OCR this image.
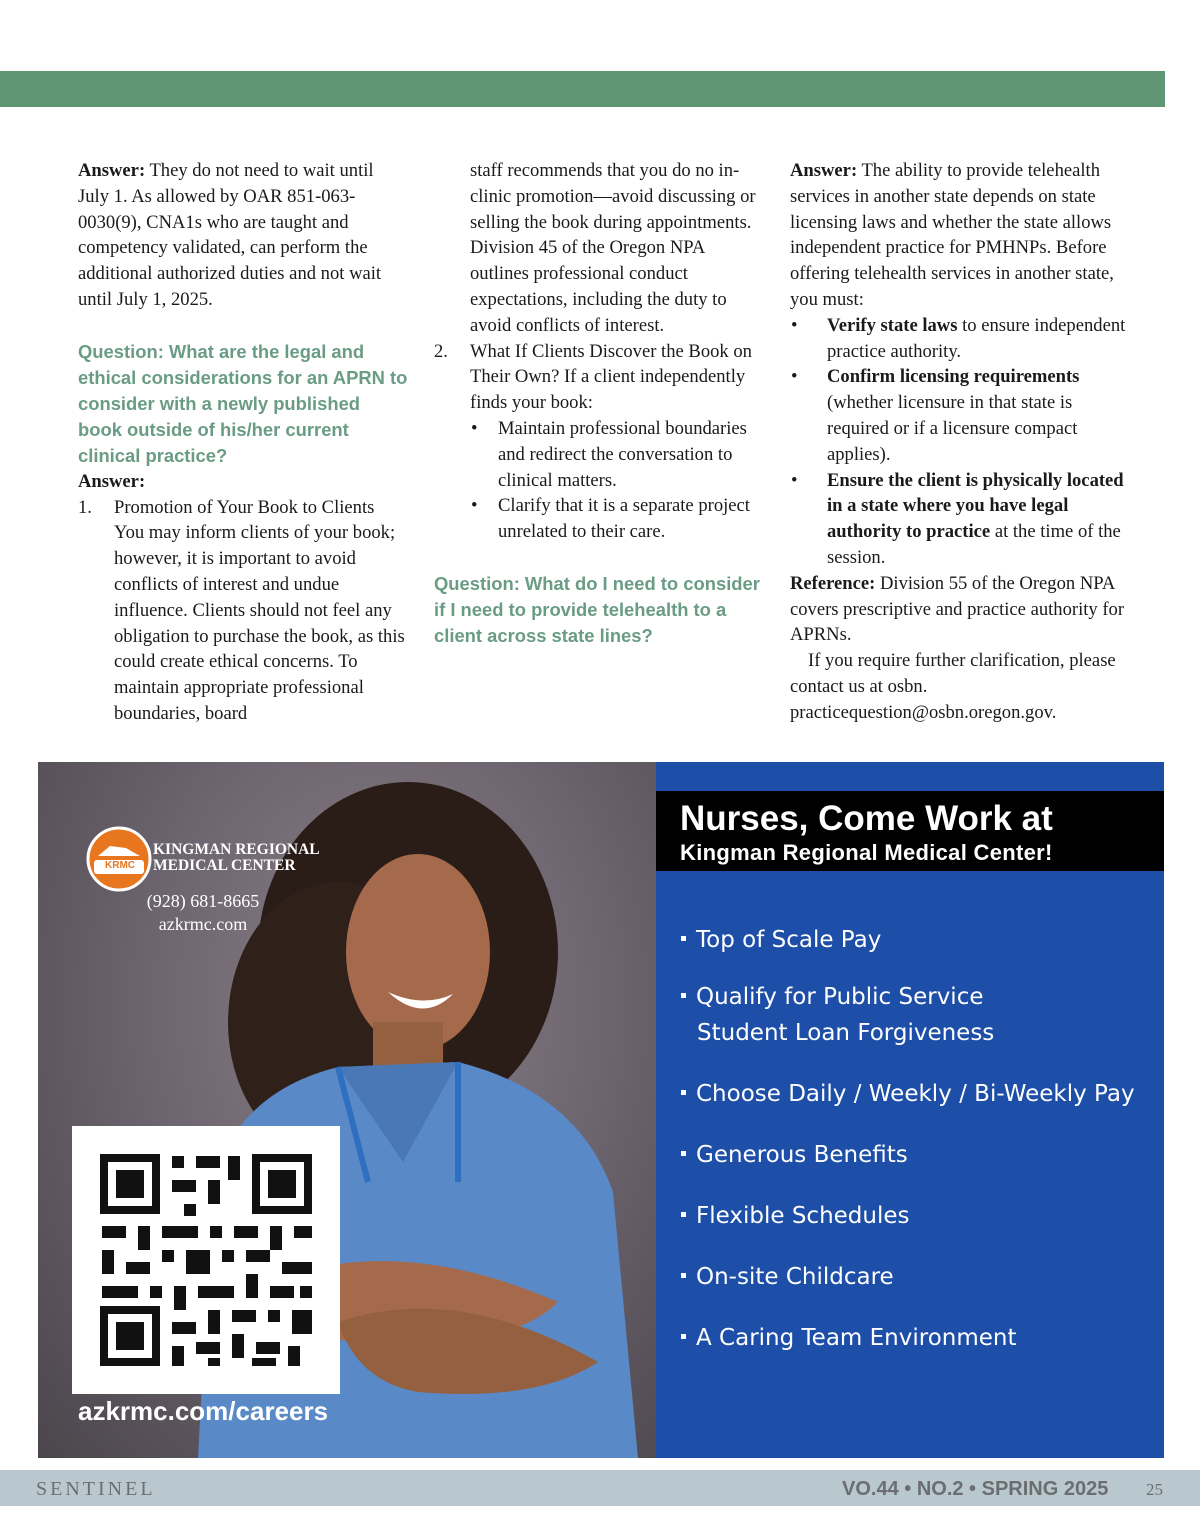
Answer: They do not need to wait until July 1. As allowed by OAR 851-063-0030(9), CNA1s who are taught and competency validated, can perform the additional authorized duties and not wait until July 1, 2025.

Question: What are the legal and ethical considerations for an APRN to consider with a newly published book outside of his/her current clinical practice?

Answer:

1.	Promotion of Your Book to Clients

You may inform clients of your book; however, it is important to avoid conflicts of interest and undue influence. Clients should not feel any obligation to purchase the book, as this could create ethical concerns. To maintain appropriate professional boundaries, board

staff recommends that you do no in-clinic promotion—avoid discussing or selling the book during appointments. Division 45 of the Oregon NPA outlines professional conduct expectations, including the duty to avoid conflicts of interest.

2.	What If Clients Discover the Book on Their Own? If a client independently finds your book:

•	Maintain professional boundaries and redirect the conversation to clinical matters.
•	Clarify that it is a separate project unrelated to their care.

Question: What do I need to consider if I need to provide telehealth to a client across state lines?

Answer: The ability to provide telehealth services in another state depends on state licensing laws and whether the state allows independent practice for PMHNPs. Before offering telehealth services in another state, you must:

•	Verify state laws to ensure independent practice authority.
•	Confirm licensing requirements (whether licensure in that state is required or if a licensure compact applies).
•	Ensure the client is physically located in a state where you have legal authority to practice at the time of the session.

Reference: Division 55 of the Oregon NPA covers prescriptive and practice authority for APRNs.

If you require further clarification, please contact us at osbn. practicequestion@osbn.oregon.gov.

KRMC
KINGMAN REGIONAL
MEDICAL CENTER
(928) 681-8665
azkrmc.com
azkrmc.com/careers
Nurses, Come Work at
Kingman Regional Medical Center!
Top of Scale Pay
Qualify for Public Service
Student Loan Forgiveness
Choose Daily / Weekly / Bi-Weekly Pay
Generous Benefits
Flexible Schedules
On-site Childcare
A Caring Team Environment
SENTINEL	VO.44 • NO.2 • SPRING 2025 25
